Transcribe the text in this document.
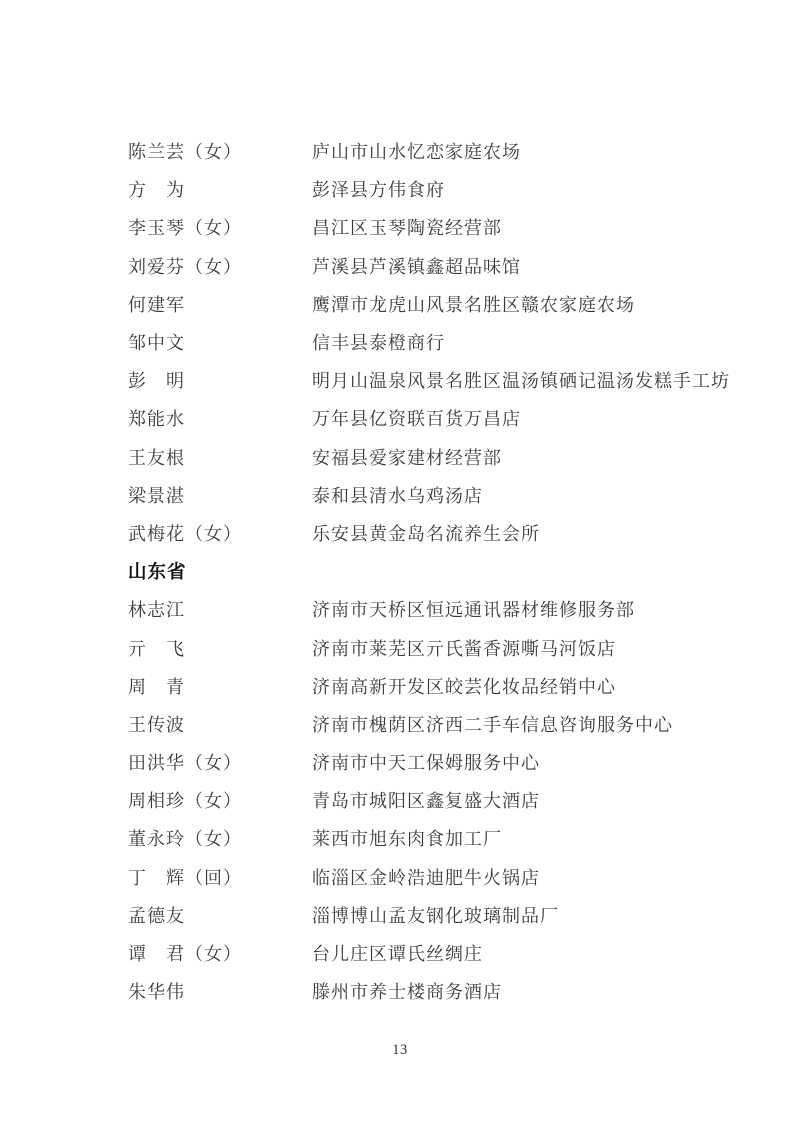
陈兰芸（女）	庐山市山水忆恋家庭农场
方　为	彭泽县方伟食府
李玉琴（女）	昌江区玉琴陶瓷经营部
刘爱芬（女）	芦溪县芦溪镇鑫超品味馆
何建军	鹰潭市龙虎山风景名胜区赣农家庭农场
邹中文	信丰县泰橙商行
彭　明	明月山温泉风景名胜区温汤镇硒记温汤发糕手工坊
郑能水	万年县亿资联百货万昌店
王友根	安福县爱家建材经营部
梁景湛	泰和县清水乌鸡汤店
武梅花（女）	乐安县黄金岛名流养生会所
山东省
林志江	济南市天桥区恒远通讯器材维修服务部
亓　飞	济南市莱芜区亓氏酱香源嘶马河饭店
周　青	济南高新开发区皎芸化妆品经销中心
王传波	济南市槐荫区济西二手车信息咨询服务中心
田洪华（女）	济南市中天工保姆服务中心
周相珍（女）	青岛市城阳区鑫复盛大酒店
董永玲（女）	莱西市旭东肉食加工厂
丁　辉（回）	临淄区金岭浩迪肥牛火锅店
孟德友	淄博博山孟友钢化玻璃制品厂
谭　君（女）	台儿庄区谭氏丝绸庄
朱华伟	滕州市养士楼商务酒店
13
